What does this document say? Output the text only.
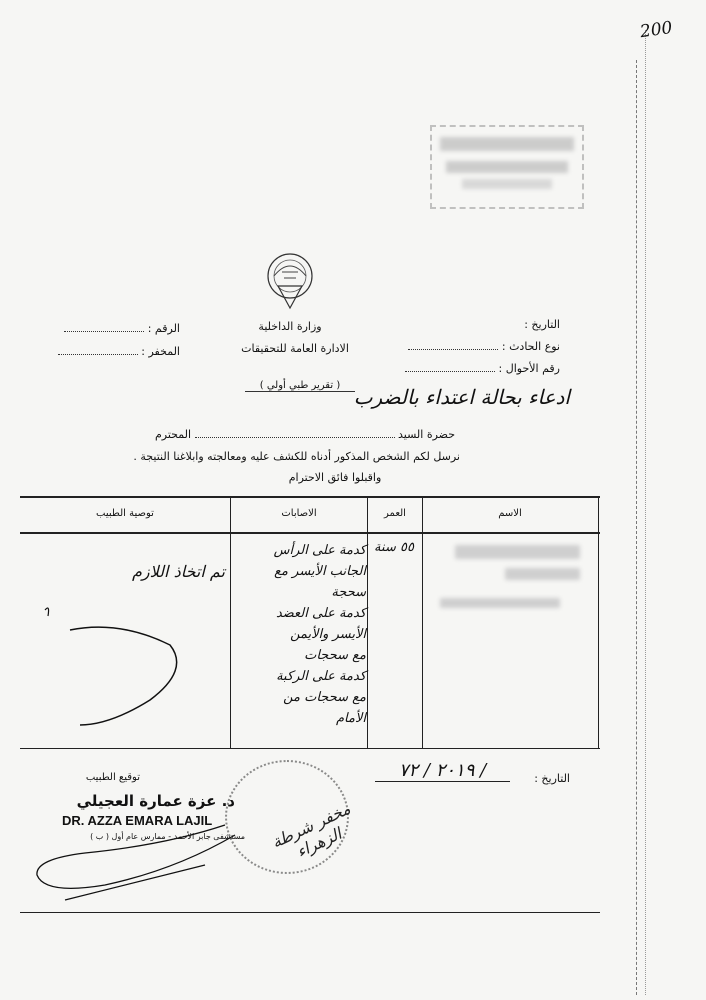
200
وزارة الداخلية
الادارة العامة للتحقيقات
التاريخ :
نوع الحادث :
رقم الأحوال :
الرقم :
المخفر :
( تقرير طبي أولي ) ادعاء بحالة اعتداء بالضرب
حضرة السيد  المحترم
نرسل لكم الشخص المذكور أدناه للكشف عليه ومعالجته وابلاغنا النتيجة .
واقبلوا فائق الاحترام
الاسم
العمر
الاصابات
توصية الطبيب
٥٥ سنة
كدمة على الرأس
الجانب الأيسر مع
سحجة
كدمة على العضد
الأيسر والأيمن
مع سحجات
كدمة على الركبة
مع سحجات من
الأمام
تم اتخاذ اللازم
التاريخ :
٢٠١٩ / ٧٢ /
توقيع الطبيب
د. عزة عمارة العجيلي
DR. AZZA EMARA LAJIL
مستشفى جابر الأحمد - ممارس عام أول ( ب )	مخفر شرطة الزهراء
